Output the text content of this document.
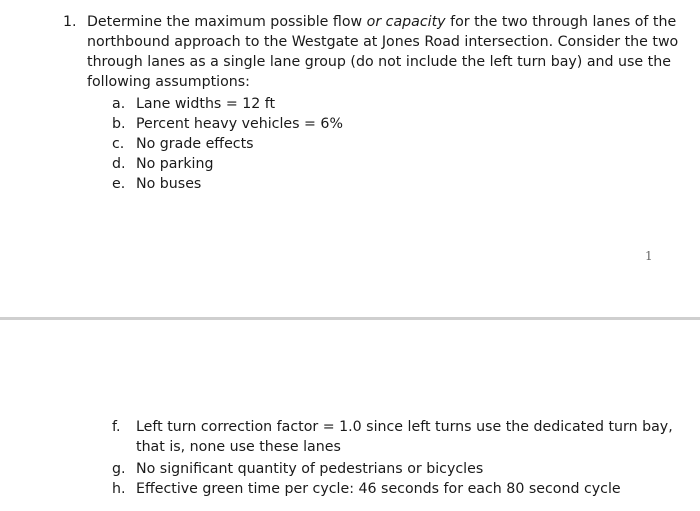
1. Determine the maximum possible flow or capacity for the two through lanes of the
northbound approach to the Westgate at Jones Road intersection. Consider the two
through lanes as a single lane group (do not include the left turn bay) and use the
following assumptions:
a. Lane widths = 12 ft
b. Percent heavy vehicles = 6%
c. No grade effects
d. No parking
e. No buses
1
f. Left turn correction factor = 1.0 since left turns use the dedicated turn bay,
that is, none use these lanes
g. No significant quantity of pedestrians or bicycles
h. Effective green time per cycle: 46 seconds for each 80 second cycle
